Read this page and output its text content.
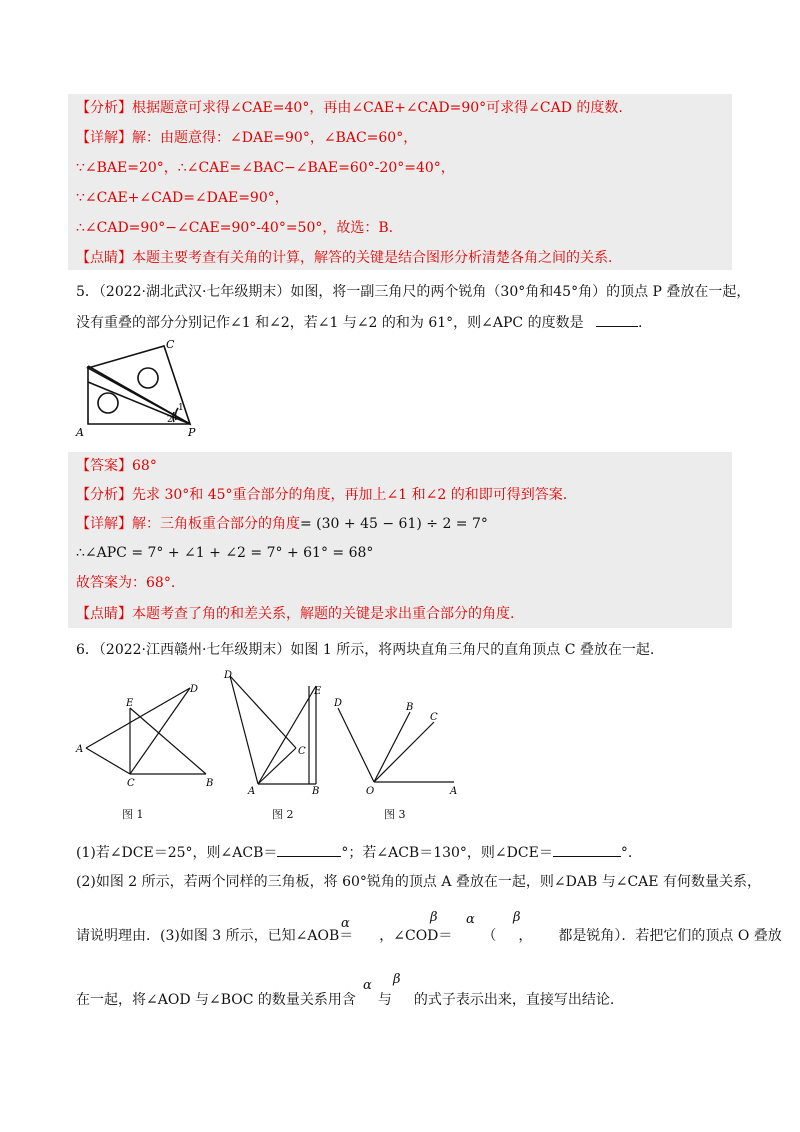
【分析】根据题意可求得∠CAE=40°，再由∠CAE+∠CAD=90°可求得∠CAD 的度数.
【详解】解：由题意得：∠DAE=90°，∠BAC=60°，
∵∠BAE=20°，∴∠CAE=∠BAC−∠BAE=60°-20°=40°，
∵∠CAE+∠CAD=∠DAE=90°，
∴∠CAD=90°−∠CAE=90°-40°=50°，故选：B.
【点睛】本题主要考查有关角的计算，解答的关键是结合图形分析清楚各角之间的关系.
5．（2022·湖北武汉·七年级期末）如图，将一副三角尺的两个锐角（30°角和45°角）的顶点 P 叠放在一起，
没有重叠的部分分别记作∠1 和∠2，若∠1 与∠2 的和为 61°，则∠APC 的度数是	.
C
A	P
1
2
【答案】68°
【分析】先求 30°和 45°重合部分的角度，再加上∠1 和∠2 的和即可得到答案.
【详解】解：三角板重合部分的角度= (30 + 45 − 61) ÷ 2 = 7°
∴∠APC = 7° + ∠1 + ∠2 = 7° + 61° = 68°
故答案为：68°.
【点睛】本题考查了角的和差关系，解题的关键是求出重合部分的角度.
6．（2022·江西赣州·七年级期末）如图 1 所示，将两块直角三角尺的直角顶点 C 叠放在一起.
E
D
A
C	B
图 1
D
E
C
A	B
图 2
D	B
C
O	A
图 3
(1)若∠DCE＝25°，则∠ACB＝	°；若∠ACB＝130°，则∠DCE＝	°.
(2)如图 2 所示，若两个同样的三角板，将 60°锐角的顶点 A 叠放在一起，则∠DAB 与∠CAE 有何数量关系，
请说明理由．(3)如图 3 所示，已知∠AOB＝ ，∠COD＝ （ ， 都是锐角）．若把它们的顶点 O 叠放
α	β α	β
在一起，将∠AOD 与∠BOC 的数量关系用含 与 的式子表示出来，直接写出结论.
α β
